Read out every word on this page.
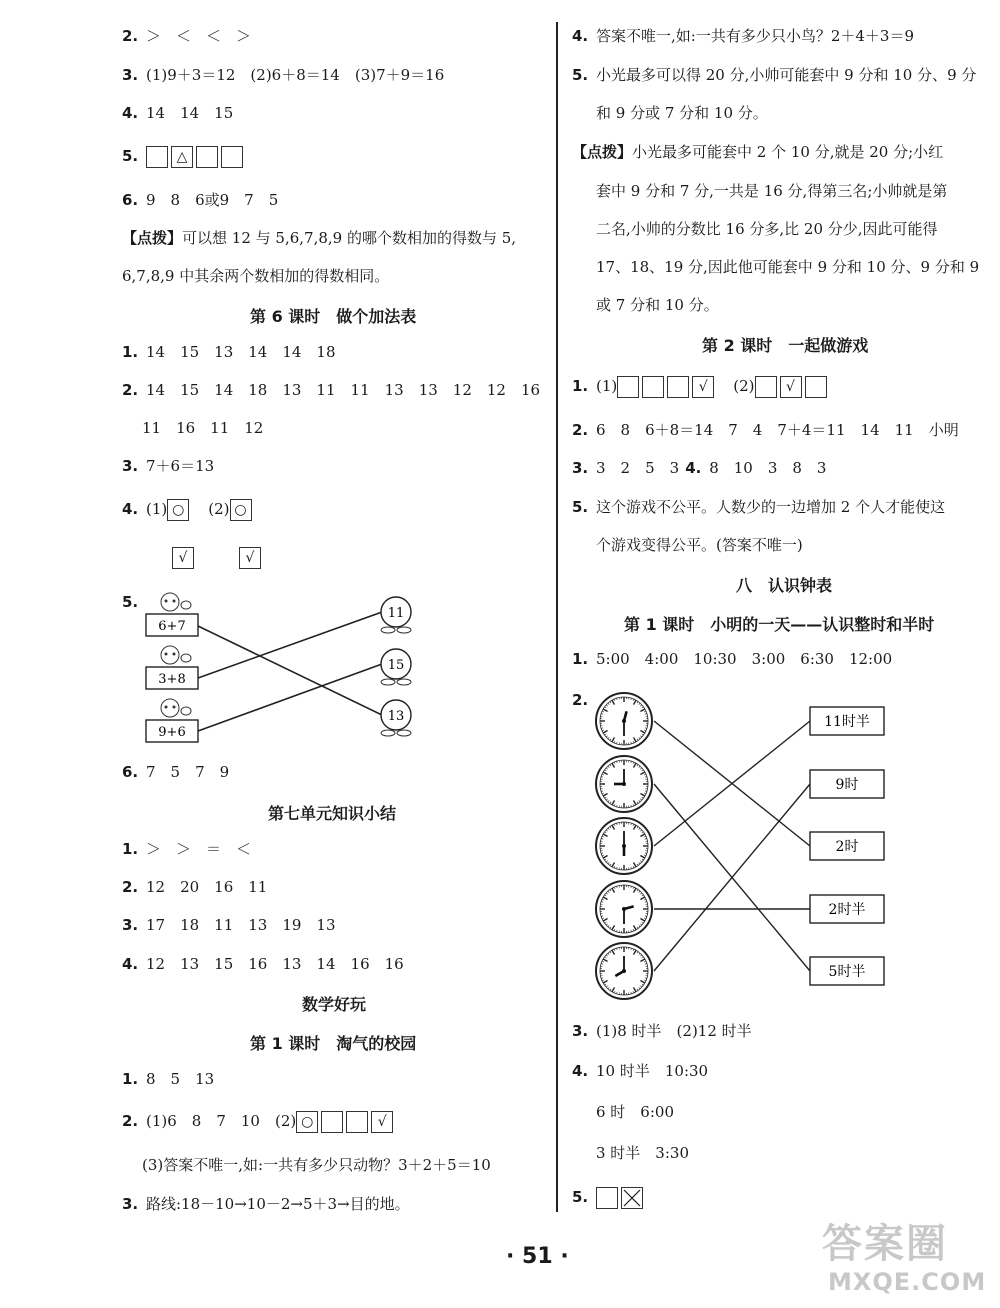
2. ＞　＜　＜　＞
3. (1)9＋3＝12　(2)6＋8＝14　(3)7＋9＝16
4. 14　14　15
5.	△
6. 9　8　6或9　7　5
【点拨】可以想 12 与 5,6,7,8,9 的哪个数相加的得数与 5,
6,7,8,9 中其余两个数相加的得数相同。
第 6 课时　做个加法表
1. 14　15　13　14　14　18
2. 14　15　14　18　13　11　11　13　13　12　12　16
11　16　11　12
3. 7＋6＝13
4. (1) ○ (2) ○
√	√
5.
6+7
3+8
9+6
11
15
13
6. 7　5　7　9
第七单元知识小结
1. ＞　＞　＝　＜
2. 12　20　16　11
3. 17　18　11　13　19　13
4. 12　13　15　16　13　14　16　16
数学好玩
第 1 课时　淘气的校园
1. 8　5　13
2. (1)6　8　7　10　(2) ○	√
(3)答案不唯一,如:一共有多少只动物？3＋2＋5＝10
3. 路线:18－10→10－2→5＋3→目的地。
4. 答案不唯一,如:一共有多少只小鸟？2＋4＋3＝9
5. 小光最多可以得 20 分,小帅可能套中 9 分和 10 分、9 分
和 9 分或 7 分和 10 分。
【点拨】小光最多可能套中 2 个 10 分,就是 20 分;小红
套中 9 分和 7 分,一共是 16 分,得第三名;小帅就是第
二名,小帅的分数比 16 分多,比 20 分少,因此可能得
17、18、19 分,因此他可能套中 9 分和 10 分、9 分和 9
或 7 分和 10 分。
第 2 课时　一起做游戏
1. (1)	√ (2) √
2. 6　8　6＋8＝14　7　4　7＋4＝11　14　11　小明
3. 3　2　5　3 4. 8　10　3　8　3
5. 这个游戏不公平。人数少的一边增加 2 个人才能使这
个游戏变得公平。(答案不唯一)
八　认识钟表
第 1 课时　小明的一天——认识整时和半时
1. 5:00　4:00　10:30　3:00　6:30　12:00
2.
11时半
9时
2时
2时半
5时半
3. (1)8 时半　(2)12 时半
4. 10 时半　10:30
6 时　6:00
3 时半　3:30
5.
· 51 ·	答案圈
MXQE.COM
